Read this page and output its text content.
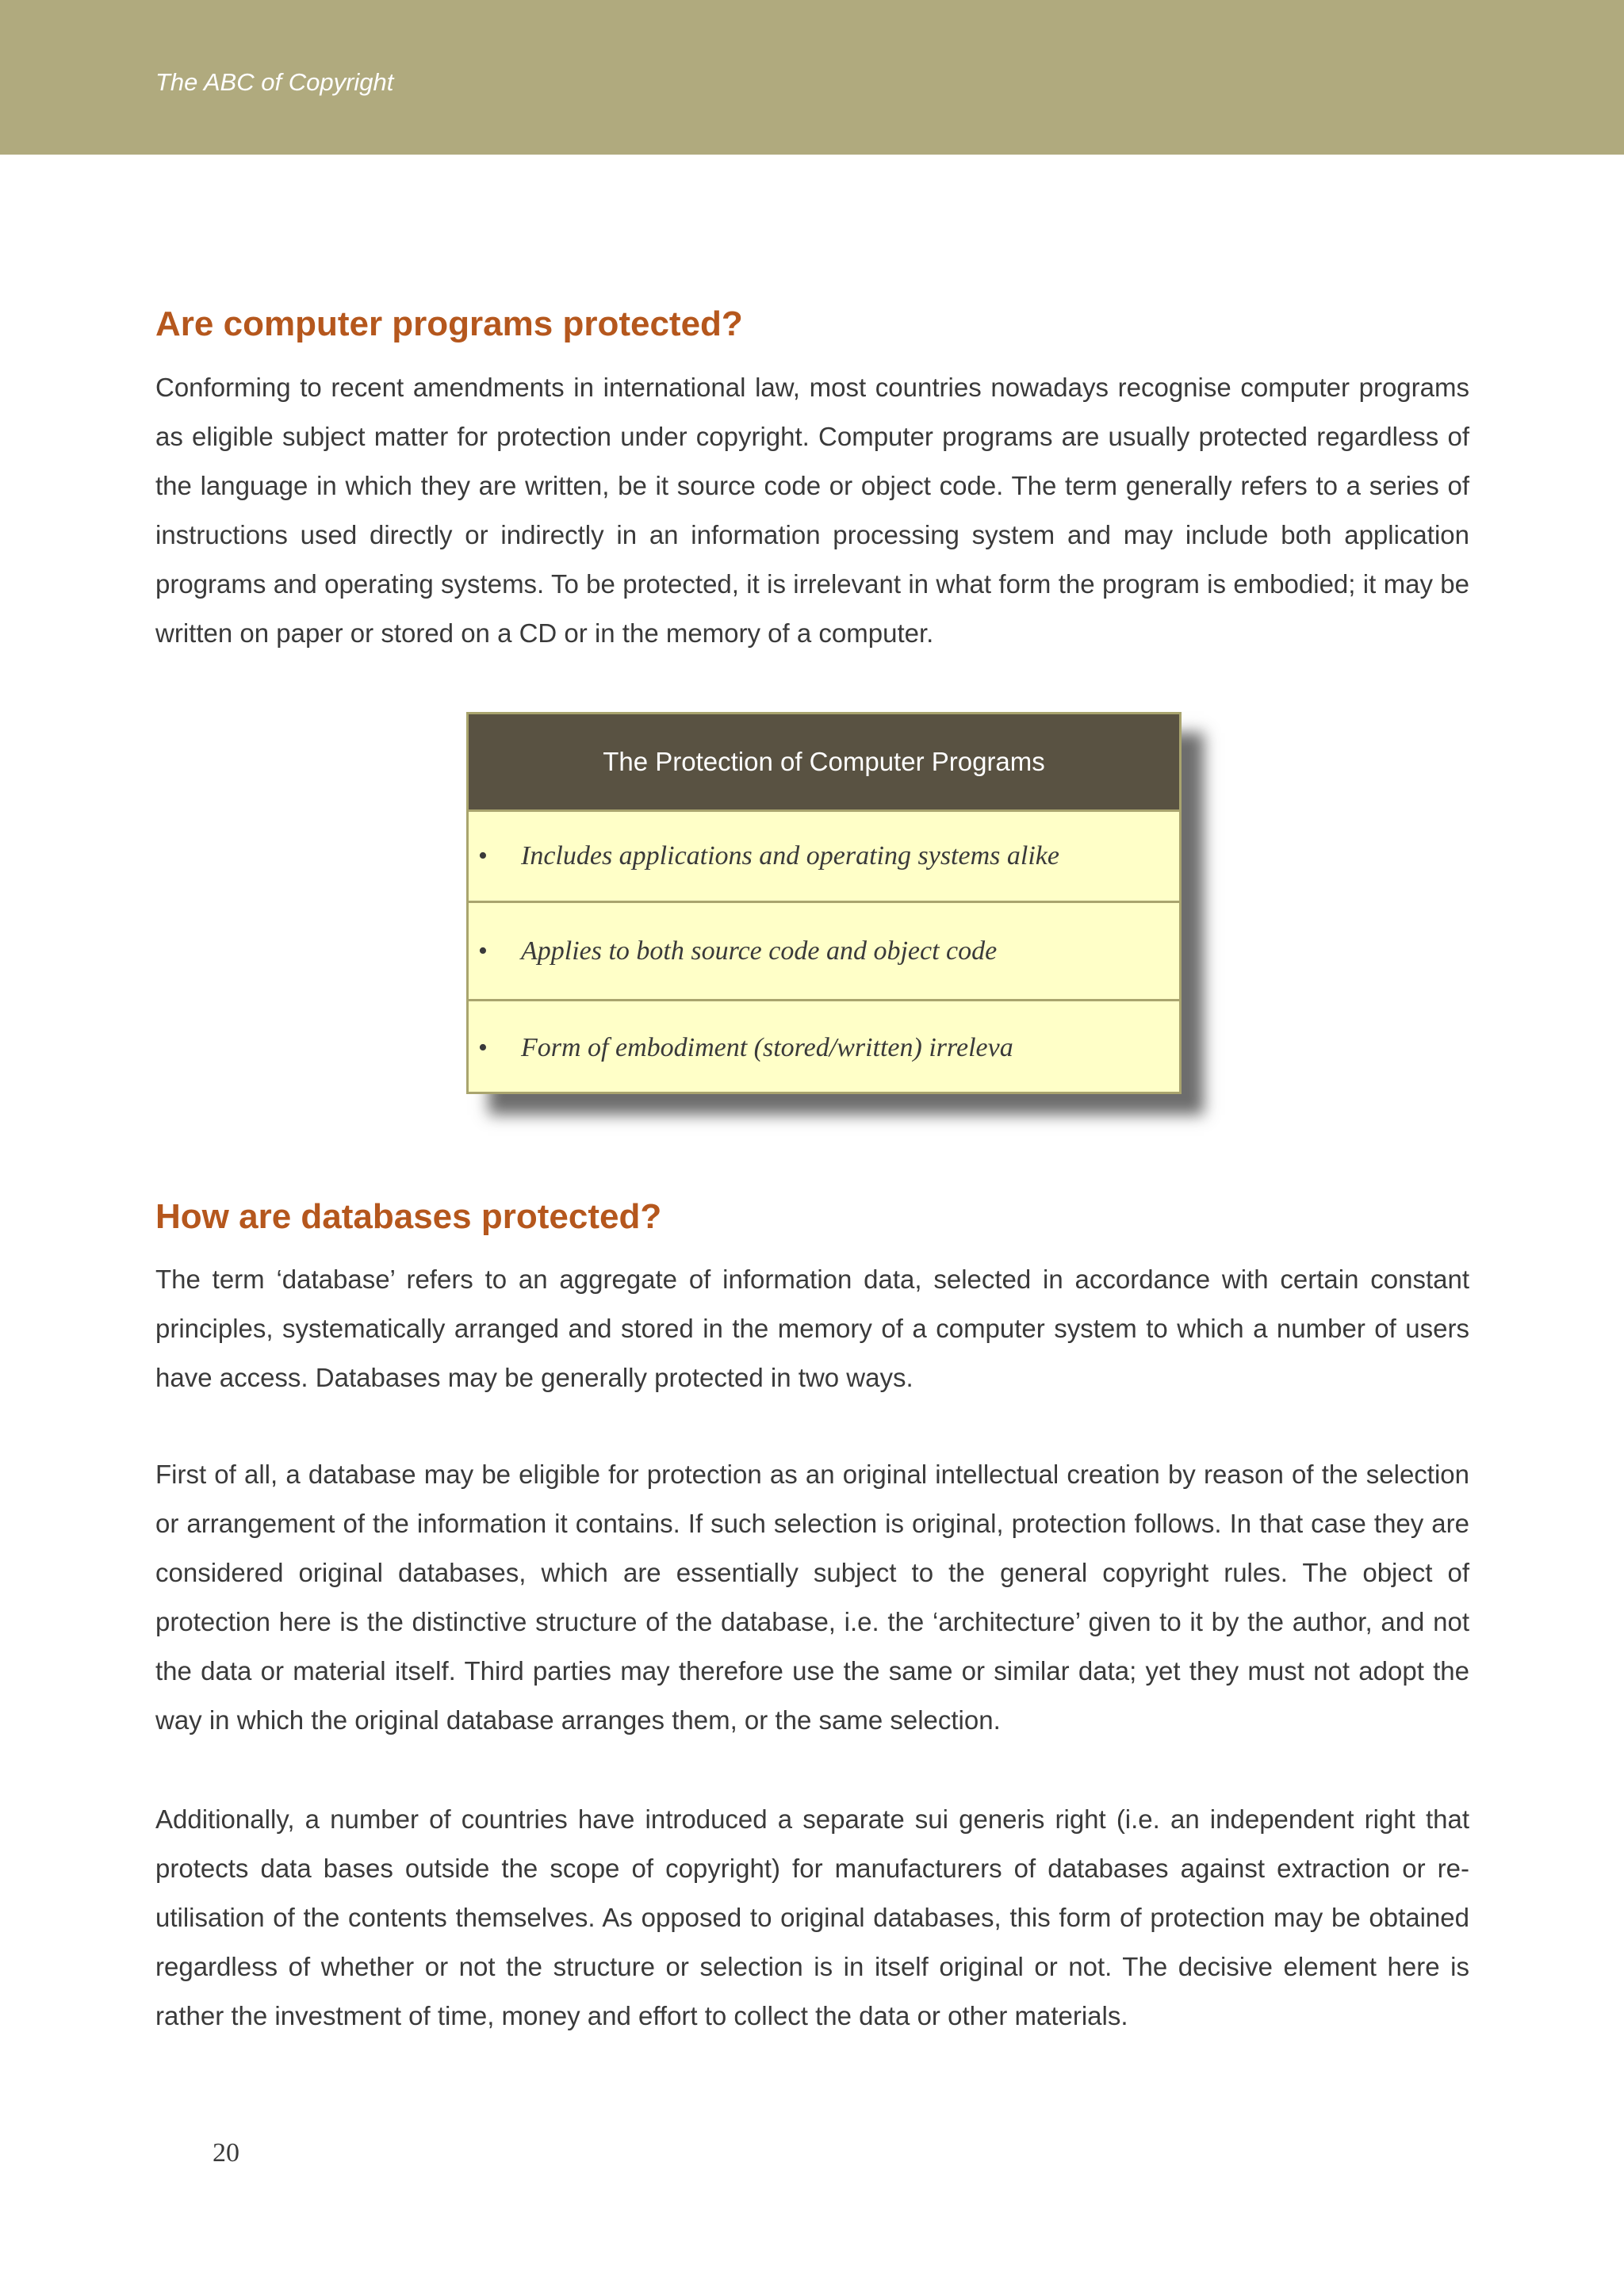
The ABC of Copyright
Are computer programs protected?

Conforming to recent amendments in international law, most countries nowadays recognise computer programs as eligible subject matter for protection under copyright. Computer programs are usually protected regardless of the language in which they are written, be it source code or object code. The term generally refers to a series of instructions used directly or indirectly in an information processing system and may include both application programs and operating systems. To be protected, it is irrelevant in what form the program is embodied; it may be written on paper or stored on a CD or in the memory of a computer.

The Protection of Computer Programs
•	Includes applications and operating systems alike
•	Applies to both source code and object code
•	Form of embodiment (stored/written) irreleva
How are databases protected?

The term ‘database’ refers to an aggregate of information data, selected in accordance with certain constant principles, systematically arranged and stored in the memory of a computer system to which a number of users have access. Databases may be generally protected in two ways.

First of all, a database may be eligible for protection as an original intellectual creation by reason of the selection or arrangement of the information it contains. If such selection is original, protection follows. In that case they are considered original databases, which are essentially subject to the general copyright rules. The object of protection here is the distinctive structure of the database, i.e. the ‘architecture’ given to it by the author, and not the data or material itself. Third parties may therefore use the same or similar data; yet they must not adopt the way in which the original database arranges them, or the same selection.

Additionally, a number of countries have introduced a separate sui generis right (i.e. an independent right that protects data bases outside the scope of copyright) for manufacturers of databases against extraction or re-utilisation of the contents themselves. As opposed to original databases, this form of protection may be obtained regardless of whether or not the structure or selection is in itself original or not. The decisive element here is rather the investment of time, money and effort to collect the data or other materials.

20
